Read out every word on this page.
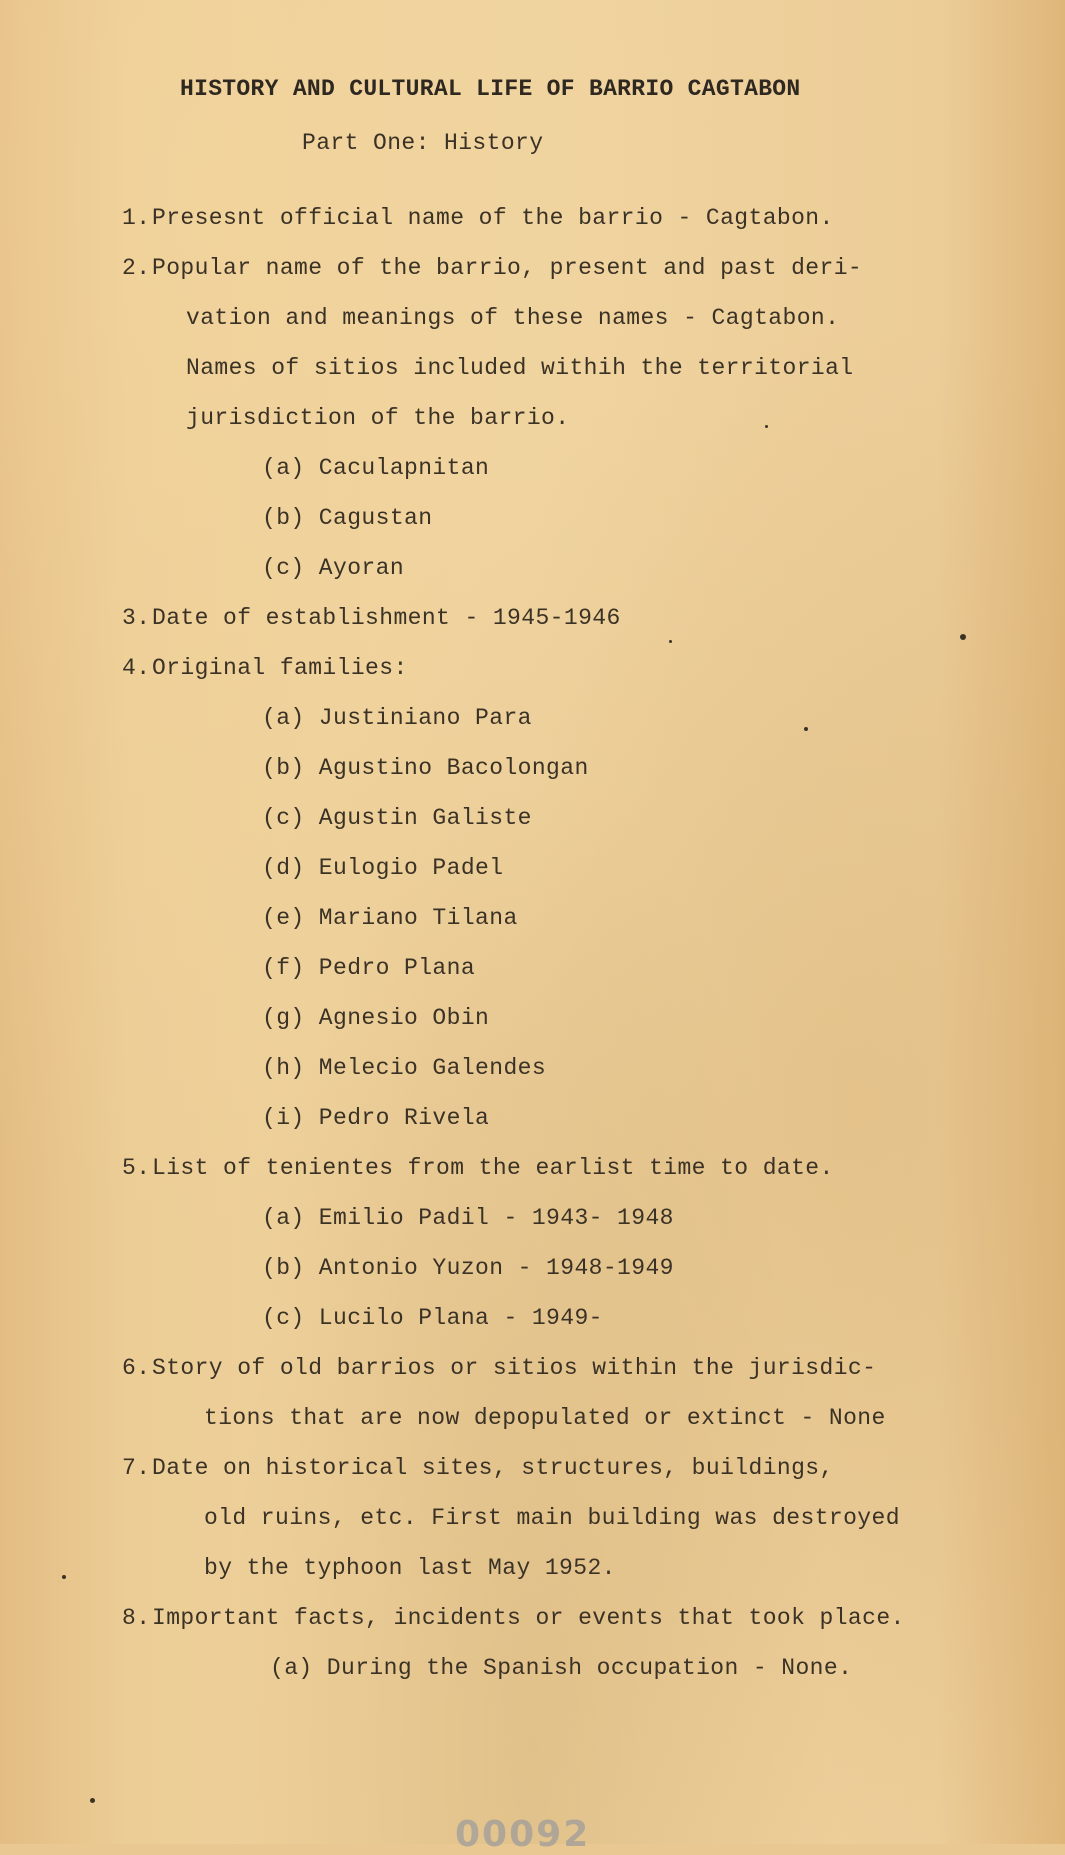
HISTORY AND CULTURAL LIFE OF BARRIO CAGTABON
Part One: History
1.Presesnt official name of the barrio - Cagtabon.
2.Popular name of the barrio, present and past deri-
vation and meanings of these names - Cagtabon.
Names of sitios included withih the territorial
jurisdiction of the barrio.
(a) Caculapnitan
(b) Cagustan
(c) Ayoran
3.Date of establishment - 1945-1946
4.Original families:
(a) Justiniano Para
(b) Agustino Bacolongan
(c) Agustin Galiste
(d) Eulogio Padel
(e) Mariano Tilana
(f) Pedro Plana
(g) Agnesio Obin
(h) Melecio Galendes
(i) Pedro Rivela
5.List of tenientes from the earlist time to date.
(a) Emilio Padil - 1943- 1948
(b) Antonio Yuzon - 1948-1949
(c) Lucilo Plana - 1949-
6.Story of old barrios or sitios within the jurisdic-
tions that are now depopulated or extinct - None
7.Date on historical sites, structures, buildings,
old ruins, etc. First main building was destroyed
by the typhoon last May 1952.
8.Important facts, incidents or events that took place.
(a) During the Spanish occupation - None.
00092
